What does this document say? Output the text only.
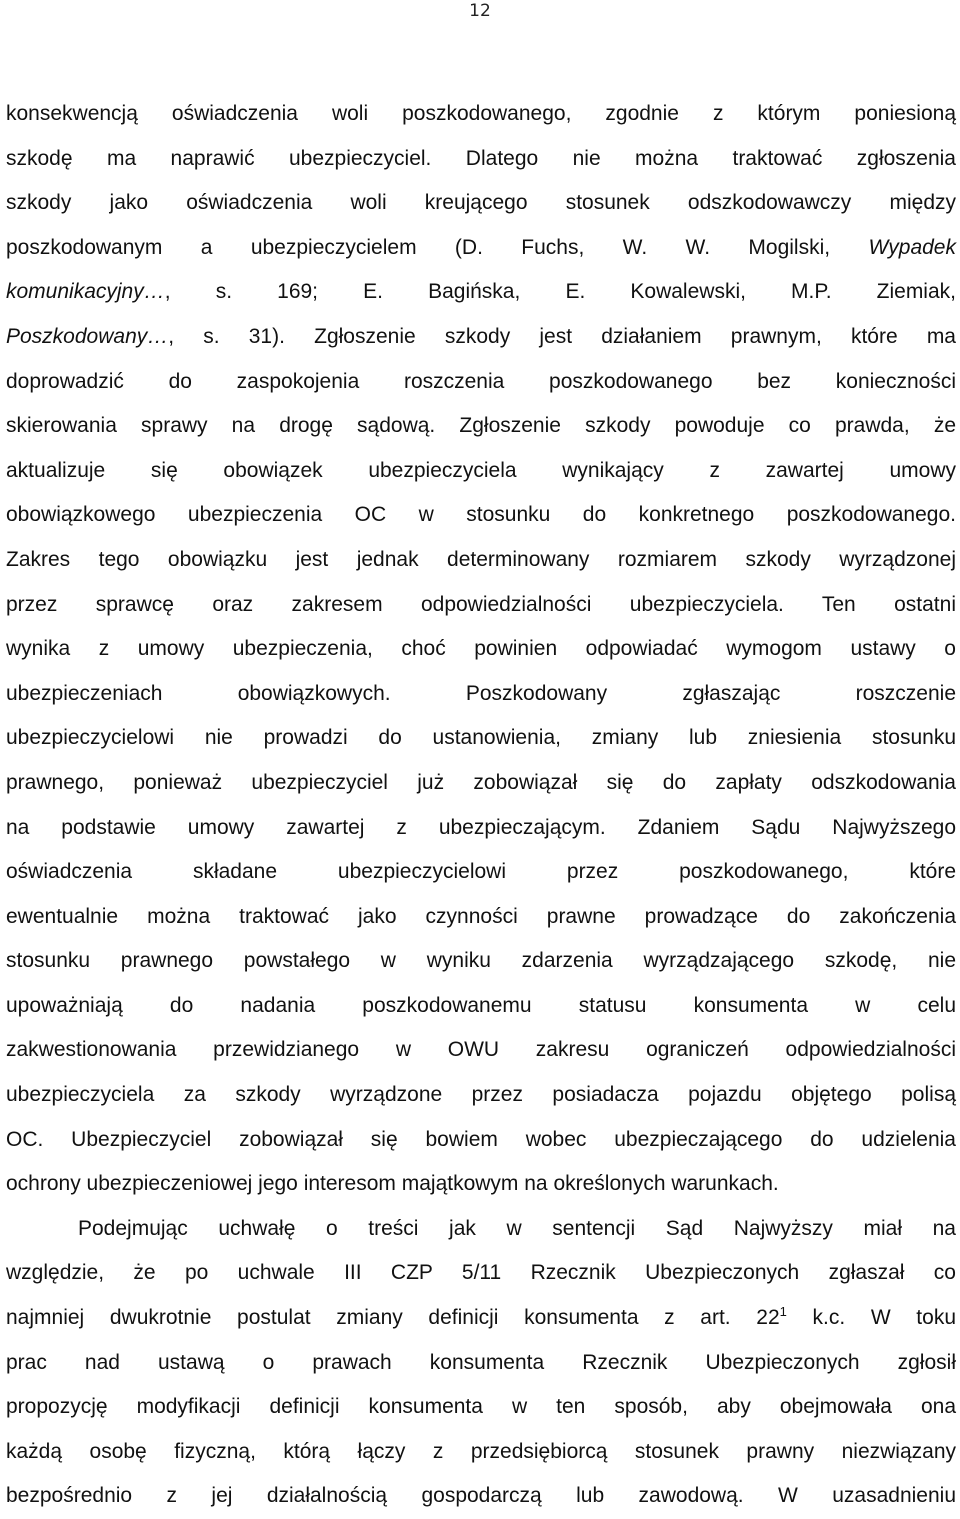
12

konsekwencją oświadczenia woli poszkodowanego, zgodnie z którym poniesioną

szkodę ma naprawić ubezpieczyciel. Dlatego nie można traktować zgłoszenia

szkody jako oświadczenia woli kreującego stosunek odszkodowawczy między

poszkodowanym a ubezpieczycielem (D. Fuchs, W. W. Mogilski, Wypadek

komunikacyjny…, s. 169; E. Bagińska, E. Kowalewski, M.P. Ziemiak,

Poszkodowany…, s. 31). Zgłoszenie szkody jest działaniem prawnym, które ma

doprowadzić do zaspokojenia roszczenia poszkodowanego bez konieczności

skierowania sprawy na drogę sądową. Zgłoszenie szkody powoduje co prawda, że

aktualizuje się obowiązek ubezpieczyciela wynikający z zawartej umowy

obowiązkowego ubezpieczenia OC w stosunku do konkretnego poszkodowanego.

Zakres tego obowiązku jest jednak determinowany rozmiarem szkody wyrządzonej

przez sprawcę oraz zakresem odpowiedzialności ubezpieczyciela. Ten ostatni

wynika z umowy ubezpieczenia, choć powinien odpowiadać wymogom ustawy o

ubezpieczeniach obowiązkowych. Poszkodowany zgłaszając roszczenie

ubezpieczycielowi nie prowadzi do ustanowienia, zmiany lub zniesienia stosunku

prawnego, ponieważ ubezpieczyciel już zobowiązał się do zapłaty odszkodowania

na podstawie umowy zawartej z ubezpieczającym. Zdaniem Sądu Najwyższego

oświadczenia składane ubezpieczycielowi przez poszkodowanego, które

ewentualnie można traktować jako czynności prawne prowadzące do zakończenia

stosunku prawnego powstałego w wyniku zdarzenia wyrządzającego szkodę, nie

upoważniają do nadania poszkodowanemu statusu konsumenta w celu

zakwestionowania przewidzianego w OWU zakresu ograniczeń odpowiedzialności

ubezpieczyciela za szkody wyrządzone przez posiadacza pojazdu objętego polisą

OC. Ubezpieczyciel zobowiązał się bowiem wobec ubezpieczającego do udzielenia

ochrony ubezpieczeniowej jego interesom majątkowym na określonych warunkach.

Podejmując uchwałę o treści jak w sentencji Sąd Najwyższy miał na

względzie, że po uchwale III CZP 5/11 Rzecznik Ubezpieczonych zgłaszał co

najmniej dwukrotnie postulat zmiany definicji konsumenta z art. $22^1$ k.c. W toku

prac nad ustawą o prawach konsumenta Rzecznik Ubezpieczonych zgłosił

propozycję modyfikacji definicji konsumenta w ten sposób, aby obejmowała ona

każdą osobę fizyczną, którą łączy z przedsiębiorcą stosunek prawny niezwiązany

bezpośrednio z jej działalnością gospodarczą lub zawodową. W uzasadnieniu
